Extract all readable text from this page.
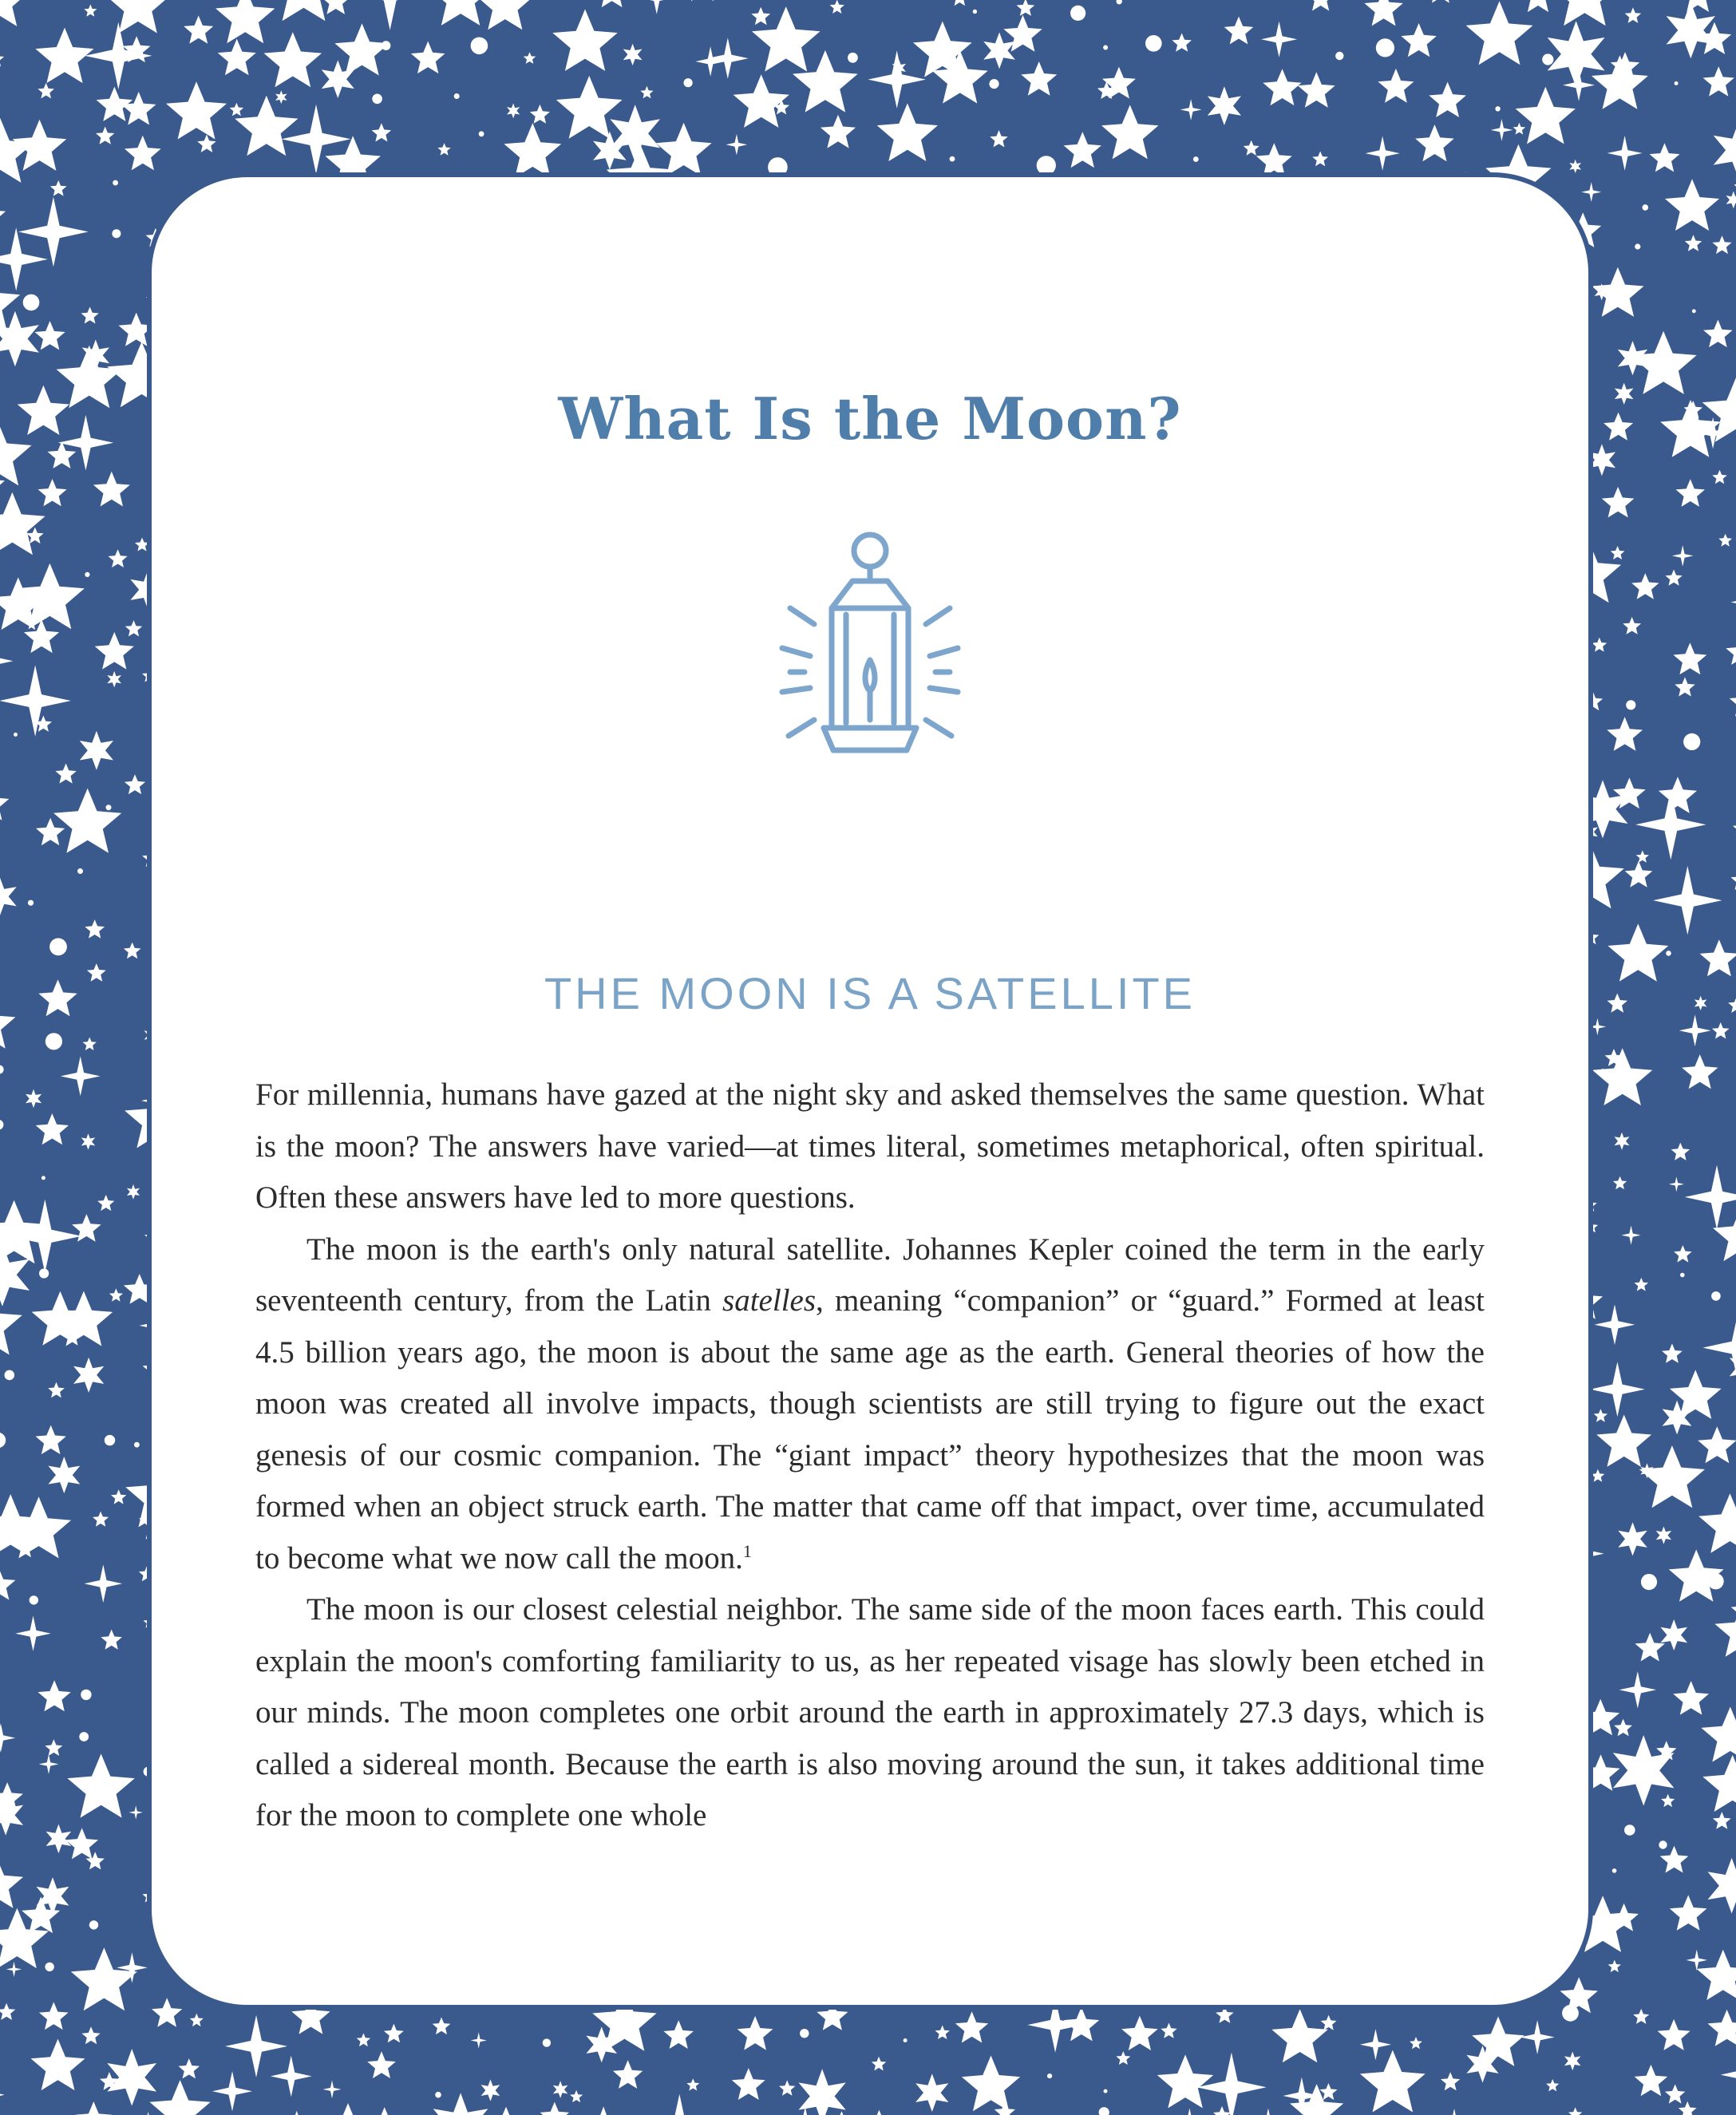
What Is the Moon?
THE MOON IS A SATELLITE

For millennia, humans have gazed at the night sky and asked themselves the same question. What is the moon? The answers have varied—at times literal, sometimes metaphorical, often spiritual. Often these answers have led to more questions.

The moon is the earth's only natural satellite. Johannes Kepler coined the term in the early seventeenth century, from the Latin satelles, meaning “companion” or “guard.” Formed at least 4.5 billion years ago, the moon is about the same age as the earth. General theories of how the moon was created all involve impacts, though scientists are still trying to figure out the exact genesis of our cosmic companion. The “giant impact” theory hypothesizes that the moon was formed when an object struck earth. The matter that came off that impact, over time, accumulated to become what we now call the moon.$^1$

The moon is our closest celestial neighbor. The same side of the moon faces earth. This could explain the moon's comforting familiarity to us, as her repeated visage has slowly been etched in our minds. The moon completes one orbit around the earth in approximately 27.3 days, which is called a sidereal month. Because the earth is also moving around the sun, it takes additional time for the moon to complete one whole
